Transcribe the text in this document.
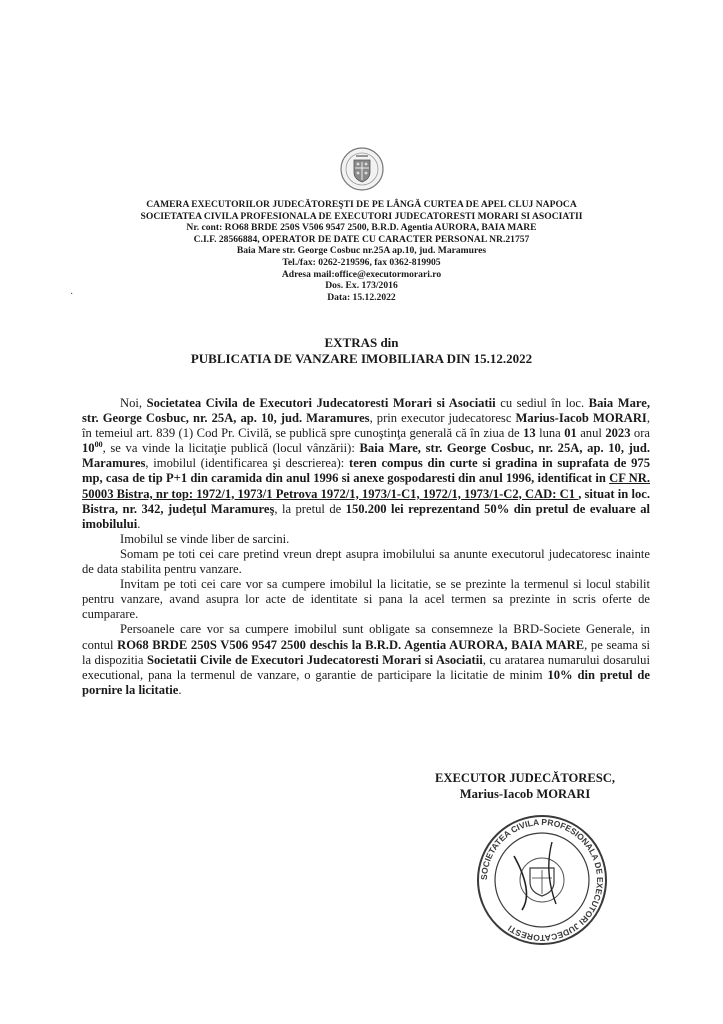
CAMERA EXECUTORILOR JUDECĂTOREŞTI DE PE LÂNGĂ CURTEA DE APEL CLUJ NAPOCA
SOCIETATEA CIVILA PROFESIONALA DE EXECUTORI JUDECATORESTI MORARI SI ASOCIATII
Nr. cont: RO68 BRDE 250S V506 9547 2500, B.R.D. Agentia AURORA, BAIA MARE
C.I.F. 28566884, OPERATOR DE DATE CU CARACTER PERSONAL NR.21757
Baia Mare str. George Cosbuc nr.25A ap.10, jud. Maramures
Tel./fax: 0262-219596, fax 0362-819905
Adresa mail:office@executormorari.ro
Dos. Ex. 173/2016
Data: 15.12.2022
·
EXTRAS din
PUBLICATIA DE VANZARE IMOBILIARA DIN 15.12.2022

Noi, Societatea Civila de Executori Judecatoresti Morari si Asociatii cu sediul în loc. Baia Mare, str. George Cosbuc, nr. 25A, ap. 10, jud. Maramures, prin executor judecatoresc Marius-Iacob MORARI, în temeiul art. 839 (1) Cod Pr. Civilă, se publică spre cunoştinţa generală că în ziua de 13 luna 01 anul 2023 ora $10^{00}$, se va vinde la licitaţie publică (locul vânzării): Baia Mare, str. George Cosbuc, nr. 25A, ap. 10, jud. Maramures, imobilul (identificarea şi descrierea): teren compus din curte si gradina in suprafata de 975 mp, casa de tip P+1 din caramida din anul 1996 si anexe gospodaresti din anul 1996, identificat in CF NR. 50003 Bistra, nr top: 1972/1, 1973/1 Petrova 1972/1, 1973/1-C1, 1972/1, 1973/1-C2, CAD: C1 , situat in loc. Bistra, nr. 342, judeţul Maramureş, la pretul de 150.200 lei reprezentand 50% din pretul de evaluare al imobilului.

Imobilul se vinde liber de sarcini.

Somam pe toti cei care pretind vreun drept asupra imobilului sa anunte executorul judecatoresc inainte de data stabilita pentru vanzare.

Invitam pe toti cei care vor sa cumpere imobilul la licitatie, se se prezinte la termenul si locul stabilit pentru vanzare, avand asupra lor acte de identitate si pana la acel termen sa prezinte in scris oferte de cumparare.

Persoanele care vor sa cumpere imobilul sunt obligate sa consemneze la BRD-Societe Generale, in contul RO68 BRDE 250S V506 9547 2500 deschis la B.R.D. Agentia AURORA, BAIA MARE, pe seama si la dispozitia Societatii Civile de Executori Judecatoresti Morari si Asociatii, cu aratarea numarului dosarului executional, pana la termenul de vanzare, o garantie de participare la licitatie de minim 10% din pretul de pornire la licitatie.

EXECUTOR JUDECĂTORESC,
Marius-Iacob MORARI
SOCIETATEA CIVILA PROFESIONALA DE EXECUTORI JUDECATORESTI
